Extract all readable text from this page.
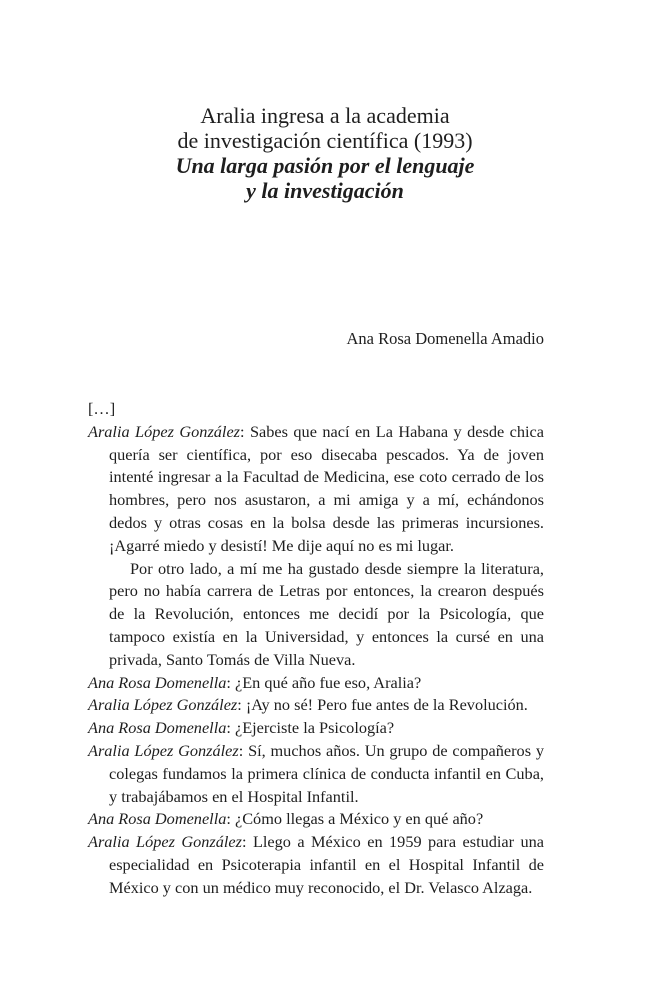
Aralia ingresa a la academia
de investigación científica (1993)
Una larga pasión por el lenguaje
y la investigación
Ana Rosa Domenella Amadio

[…]

Aralia López González: Sabes que nací en La Habana y desde chica quería ser científica, por eso disecaba pescados. Ya de joven intenté ingresar a la Facultad de Medicina, ese coto cerrado de los hombres, pero nos asustaron, a mi amiga y a mí, echándonos dedos y otras cosas en la bolsa desde las primeras incursiones. ¡Agarré miedo y desistí! Me dije aquí no es mi lugar.

Por otro lado, a mí me ha gustado desde siempre la literatura, pero no había carrera de Letras por entonces, la crearon después de la Revolución, entonces me decidí por la Psicología, que tampoco existía en la Universidad, y entonces la cursé en una privada, Santo Tomás de Villa Nueva.

Ana Rosa Domenella: ¿En qué año fue eso, Aralia?

Aralia López González: ¡Ay no sé! Pero fue antes de la Revolución.

Ana Rosa Domenella: ¿Ejerciste la Psicología?

Aralia López González: Sí, muchos años. Un grupo de compañeros y colegas fundamos la primera clínica de conducta infantil en Cuba, y trabajábamos en el Hospital Infantil.

Ana Rosa Domenella: ¿Cómo llegas a México y en qué año?

Aralia López González: Llego a México en 1959 para estudiar una especialidad en Psicoterapia infantil en el Hospital Infantil de México y con un médico muy reconocido, el Dr. Velasco Alzaga.
